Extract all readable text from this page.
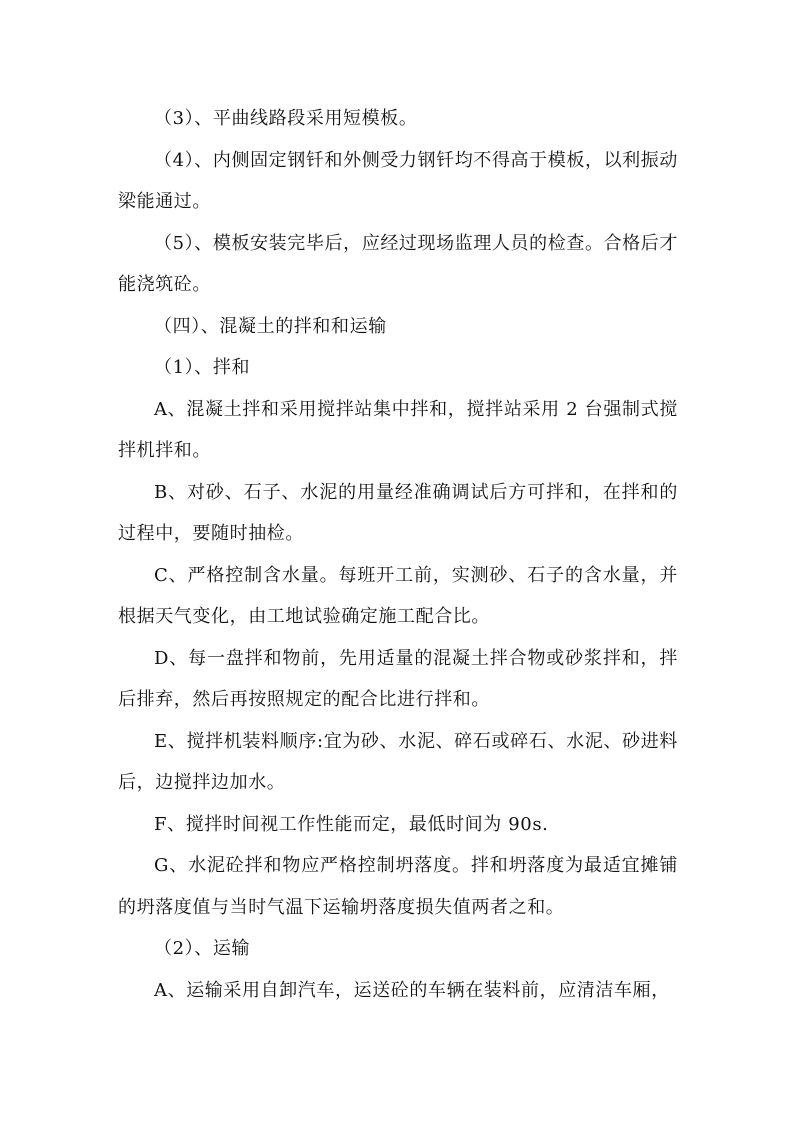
（3）、平曲线路段采用短模板。

（4）、内侧固定钢钎和外侧受力钢钎均不得高于模板，以利振动梁能通过。

（5）、模板安装完毕后，应经过现场监理人员的检查。合格后才能浇筑砼。

（四）、混凝土的拌和和运输

（1）、拌和

A、混凝土拌和采用搅拌站集中拌和，搅拌站采用 2 台强制式搅拌机拌和。

B、对砂、石子、水泥的用量经准确调试后方可拌和，在拌和的过程中，要随时抽检。

C、严格控制含水量。每班开工前，实测砂、石子的含水量，并根据天气变化，由工地试验确定施工配合比。

D、每一盘拌和物前，先用适量的混凝土拌合物或砂浆拌和，拌后排弃，然后再按照规定的配合比进行拌和。

E、搅拌机装料顺序:宜为砂、水泥、碎石或碎石、水泥、砂进料后，边搅拌边加水。

F、搅拌时间视工作性能而定，最低时间为 90s.

G、水泥砼拌和物应严格控制坍落度。拌和坍落度为最适宜摊铺的坍落度值与当时气温下运输坍落度损失值两者之和。

（2）、运输

A、运输采用自卸汽车，运送砼的车辆在装料前，应清洁车厢，
